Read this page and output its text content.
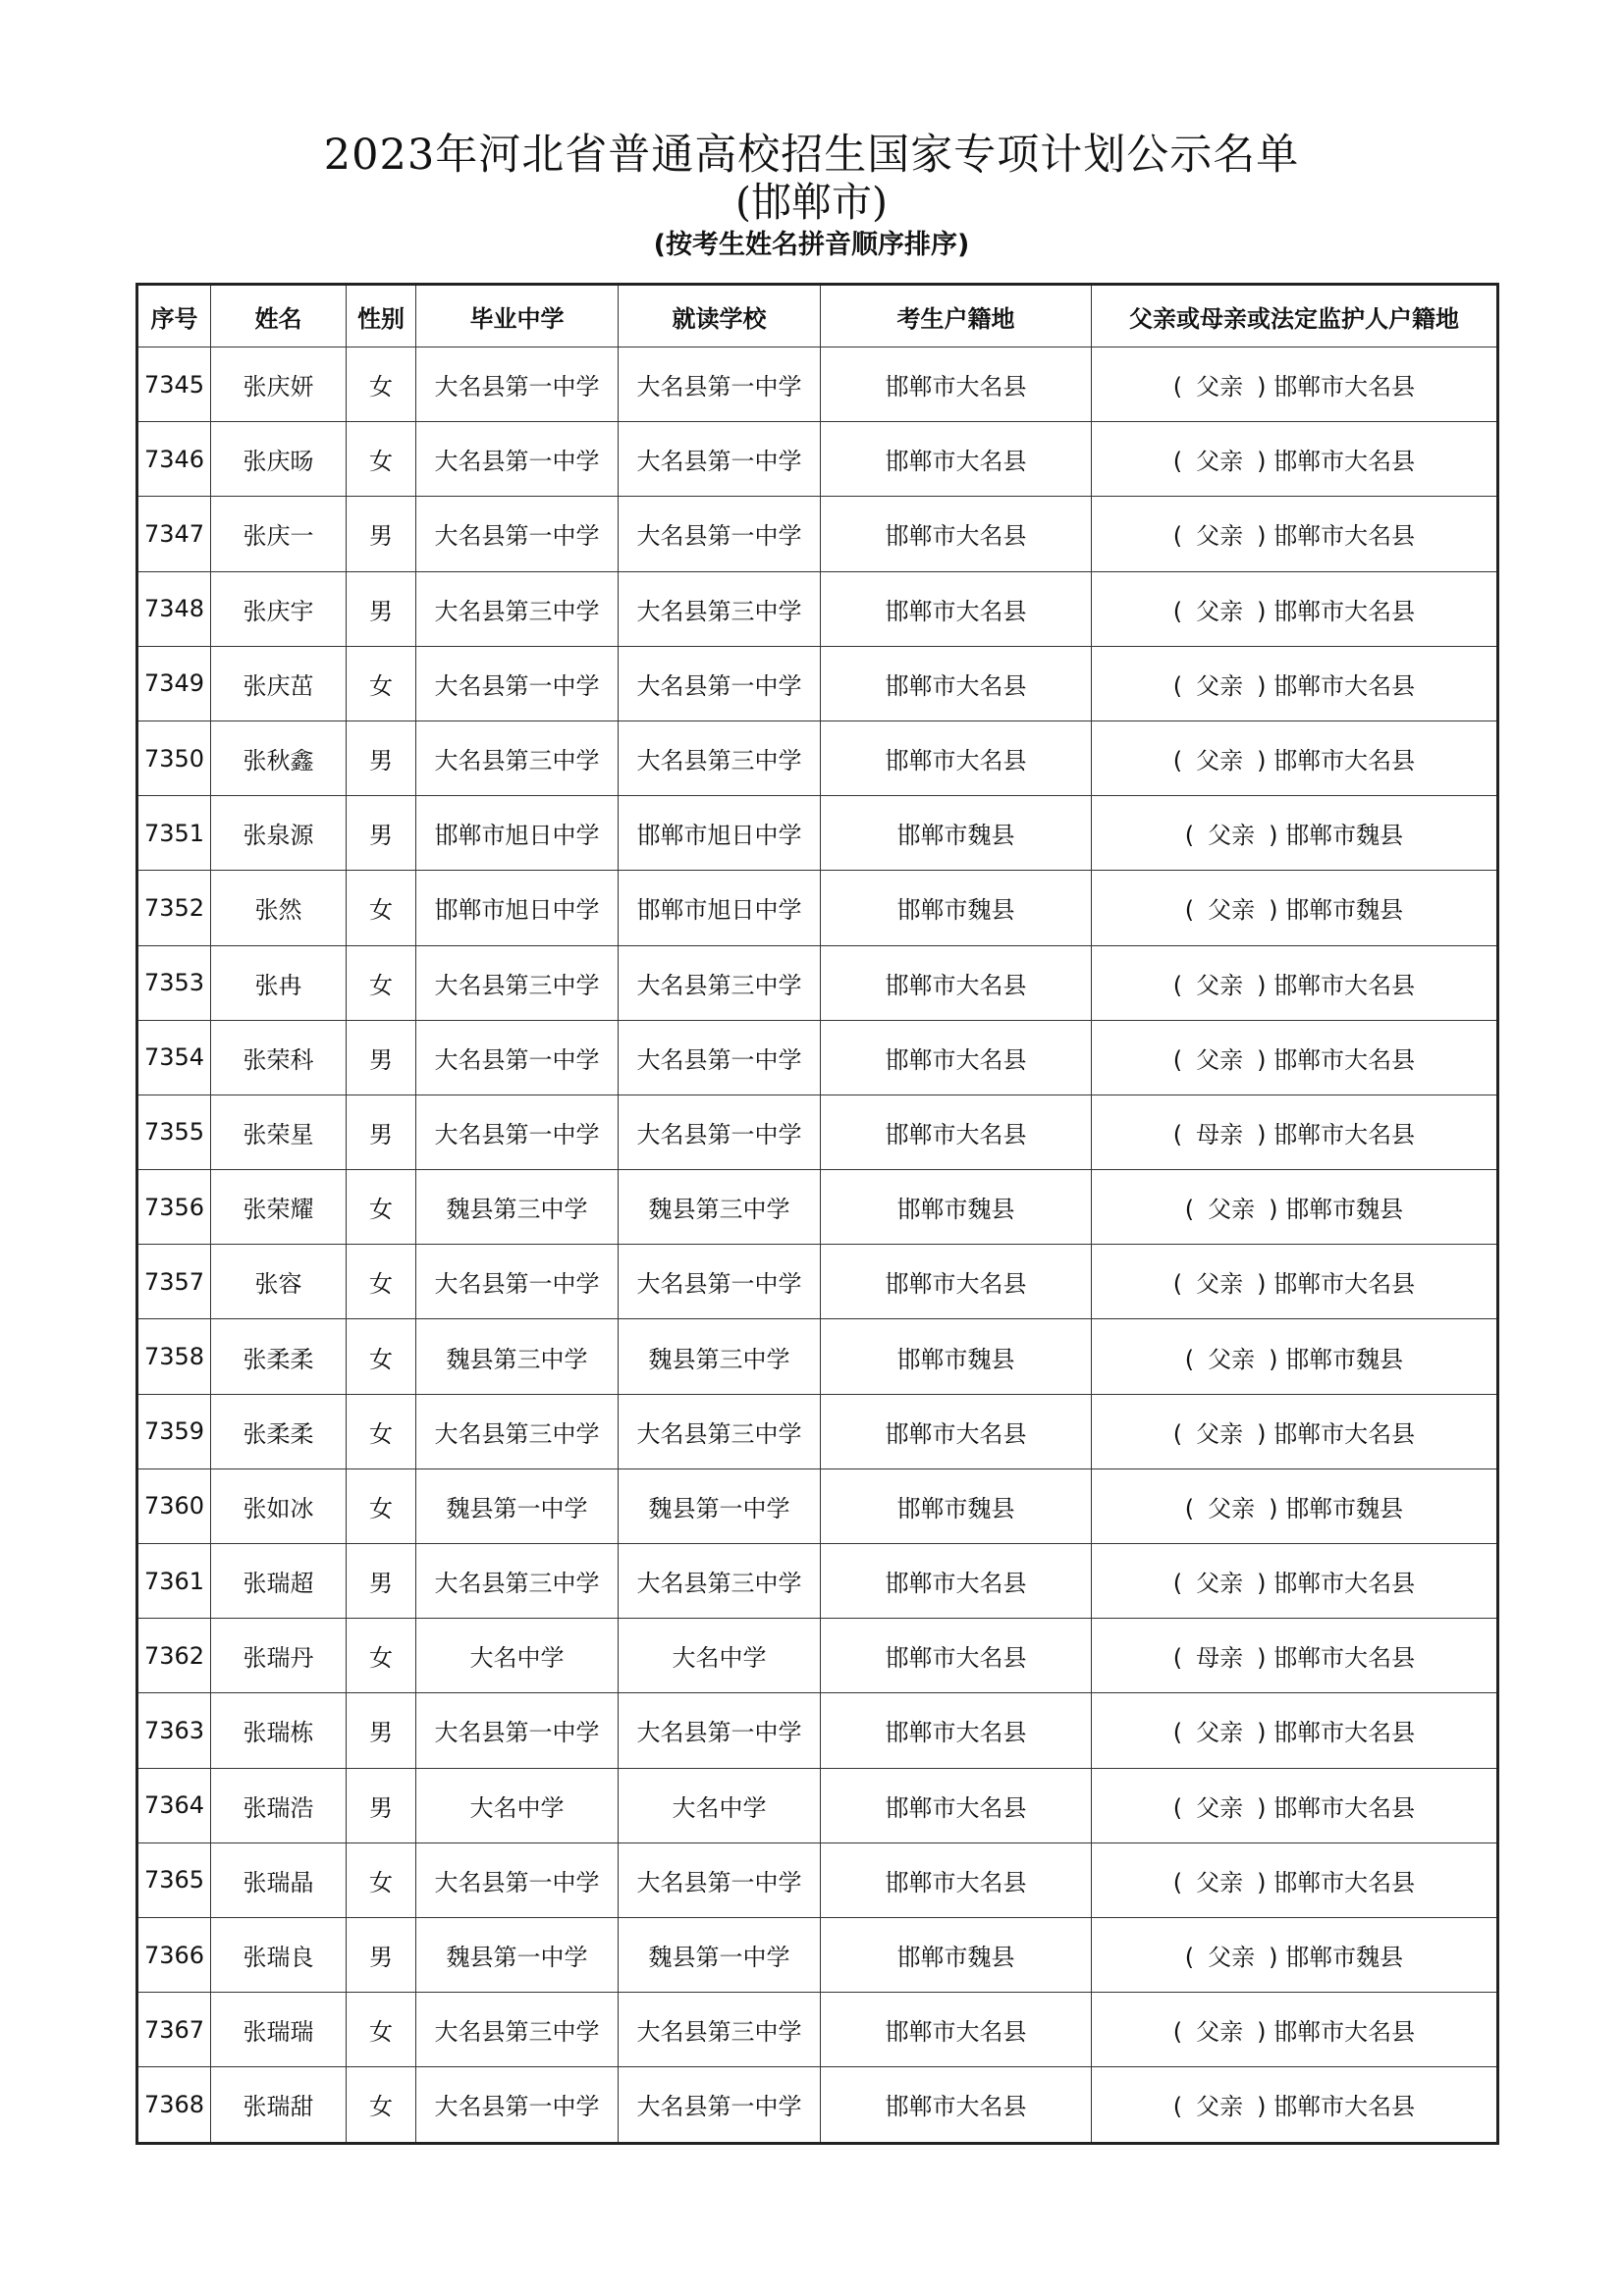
2023年河北省普通高校招生国家专项计划公示名单
(邯郸市)
(按考生姓名拼音顺序排序)
序号	姓名	性别	毕业中学	就读学校	考生户籍地	父亲或母亲或法定监护人户籍地
7345	张庆妍	女	大名县第一中学	大名县第一中学	邯郸市大名县	( 父亲 ) 邯郸市大名县
7346	张庆旸	女	大名县第一中学	大名县第一中学	邯郸市大名县	( 父亲 ) 邯郸市大名县
7347	张庆一	男	大名县第一中学	大名县第一中学	邯郸市大名县	( 父亲 ) 邯郸市大名县
7348	张庆宇	男	大名县第三中学	大名县第三中学	邯郸市大名县	( 父亲 ) 邯郸市大名县
7349	张庆茁	女	大名县第一中学	大名县第一中学	邯郸市大名县	( 父亲 ) 邯郸市大名县
7350	张秋鑫	男	大名县第三中学	大名县第三中学	邯郸市大名县	( 父亲 ) 邯郸市大名县
7351	张泉源	男	邯郸市旭日中学	邯郸市旭日中学	邯郸市魏县	( 父亲 ) 邯郸市魏县
7352	张然	女	邯郸市旭日中学	邯郸市旭日中学	邯郸市魏县	( 父亲 ) 邯郸市魏县
7353	张冉	女	大名县第三中学	大名县第三中学	邯郸市大名县	( 父亲 ) 邯郸市大名县
7354	张荣科	男	大名县第一中学	大名县第一中学	邯郸市大名县	( 父亲 ) 邯郸市大名县
7355	张荣星	男	大名县第一中学	大名县第一中学	邯郸市大名县	( 母亲 ) 邯郸市大名县
7356	张荣耀	女	魏县第三中学	魏县第三中学	邯郸市魏县	( 父亲 ) 邯郸市魏县
7357	张容	女	大名县第一中学	大名县第一中学	邯郸市大名县	( 父亲 ) 邯郸市大名县
7358	张柔柔	女	魏县第三中学	魏县第三中学	邯郸市魏县	( 父亲 ) 邯郸市魏县
7359	张柔柔	女	大名县第三中学	大名县第三中学	邯郸市大名县	( 父亲 ) 邯郸市大名县
7360	张如冰	女	魏县第一中学	魏县第一中学	邯郸市魏县	( 父亲 ) 邯郸市魏县
7361	张瑞超	男	大名县第三中学	大名县第三中学	邯郸市大名县	( 父亲 ) 邯郸市大名县
7362	张瑞丹	女	大名中学	大名中学	邯郸市大名县	( 母亲 ) 邯郸市大名县
7363	张瑞栋	男	大名县第一中学	大名县第一中学	邯郸市大名县	( 父亲 ) 邯郸市大名县
7364	张瑞浩	男	大名中学	大名中学	邯郸市大名县	( 父亲 ) 邯郸市大名县
7365	张瑞晶	女	大名县第一中学	大名县第一中学	邯郸市大名县	( 父亲 ) 邯郸市大名县
7366	张瑞良	男	魏县第一中学	魏县第一中学	邯郸市魏县	( 父亲 ) 邯郸市魏县
7367	张瑞瑞	女	大名县第三中学	大名县第三中学	邯郸市大名县	( 父亲 ) 邯郸市大名县
7368	张瑞甜	女	大名县第一中学	大名县第一中学	邯郸市大名县	( 父亲 ) 邯郸市大名县
